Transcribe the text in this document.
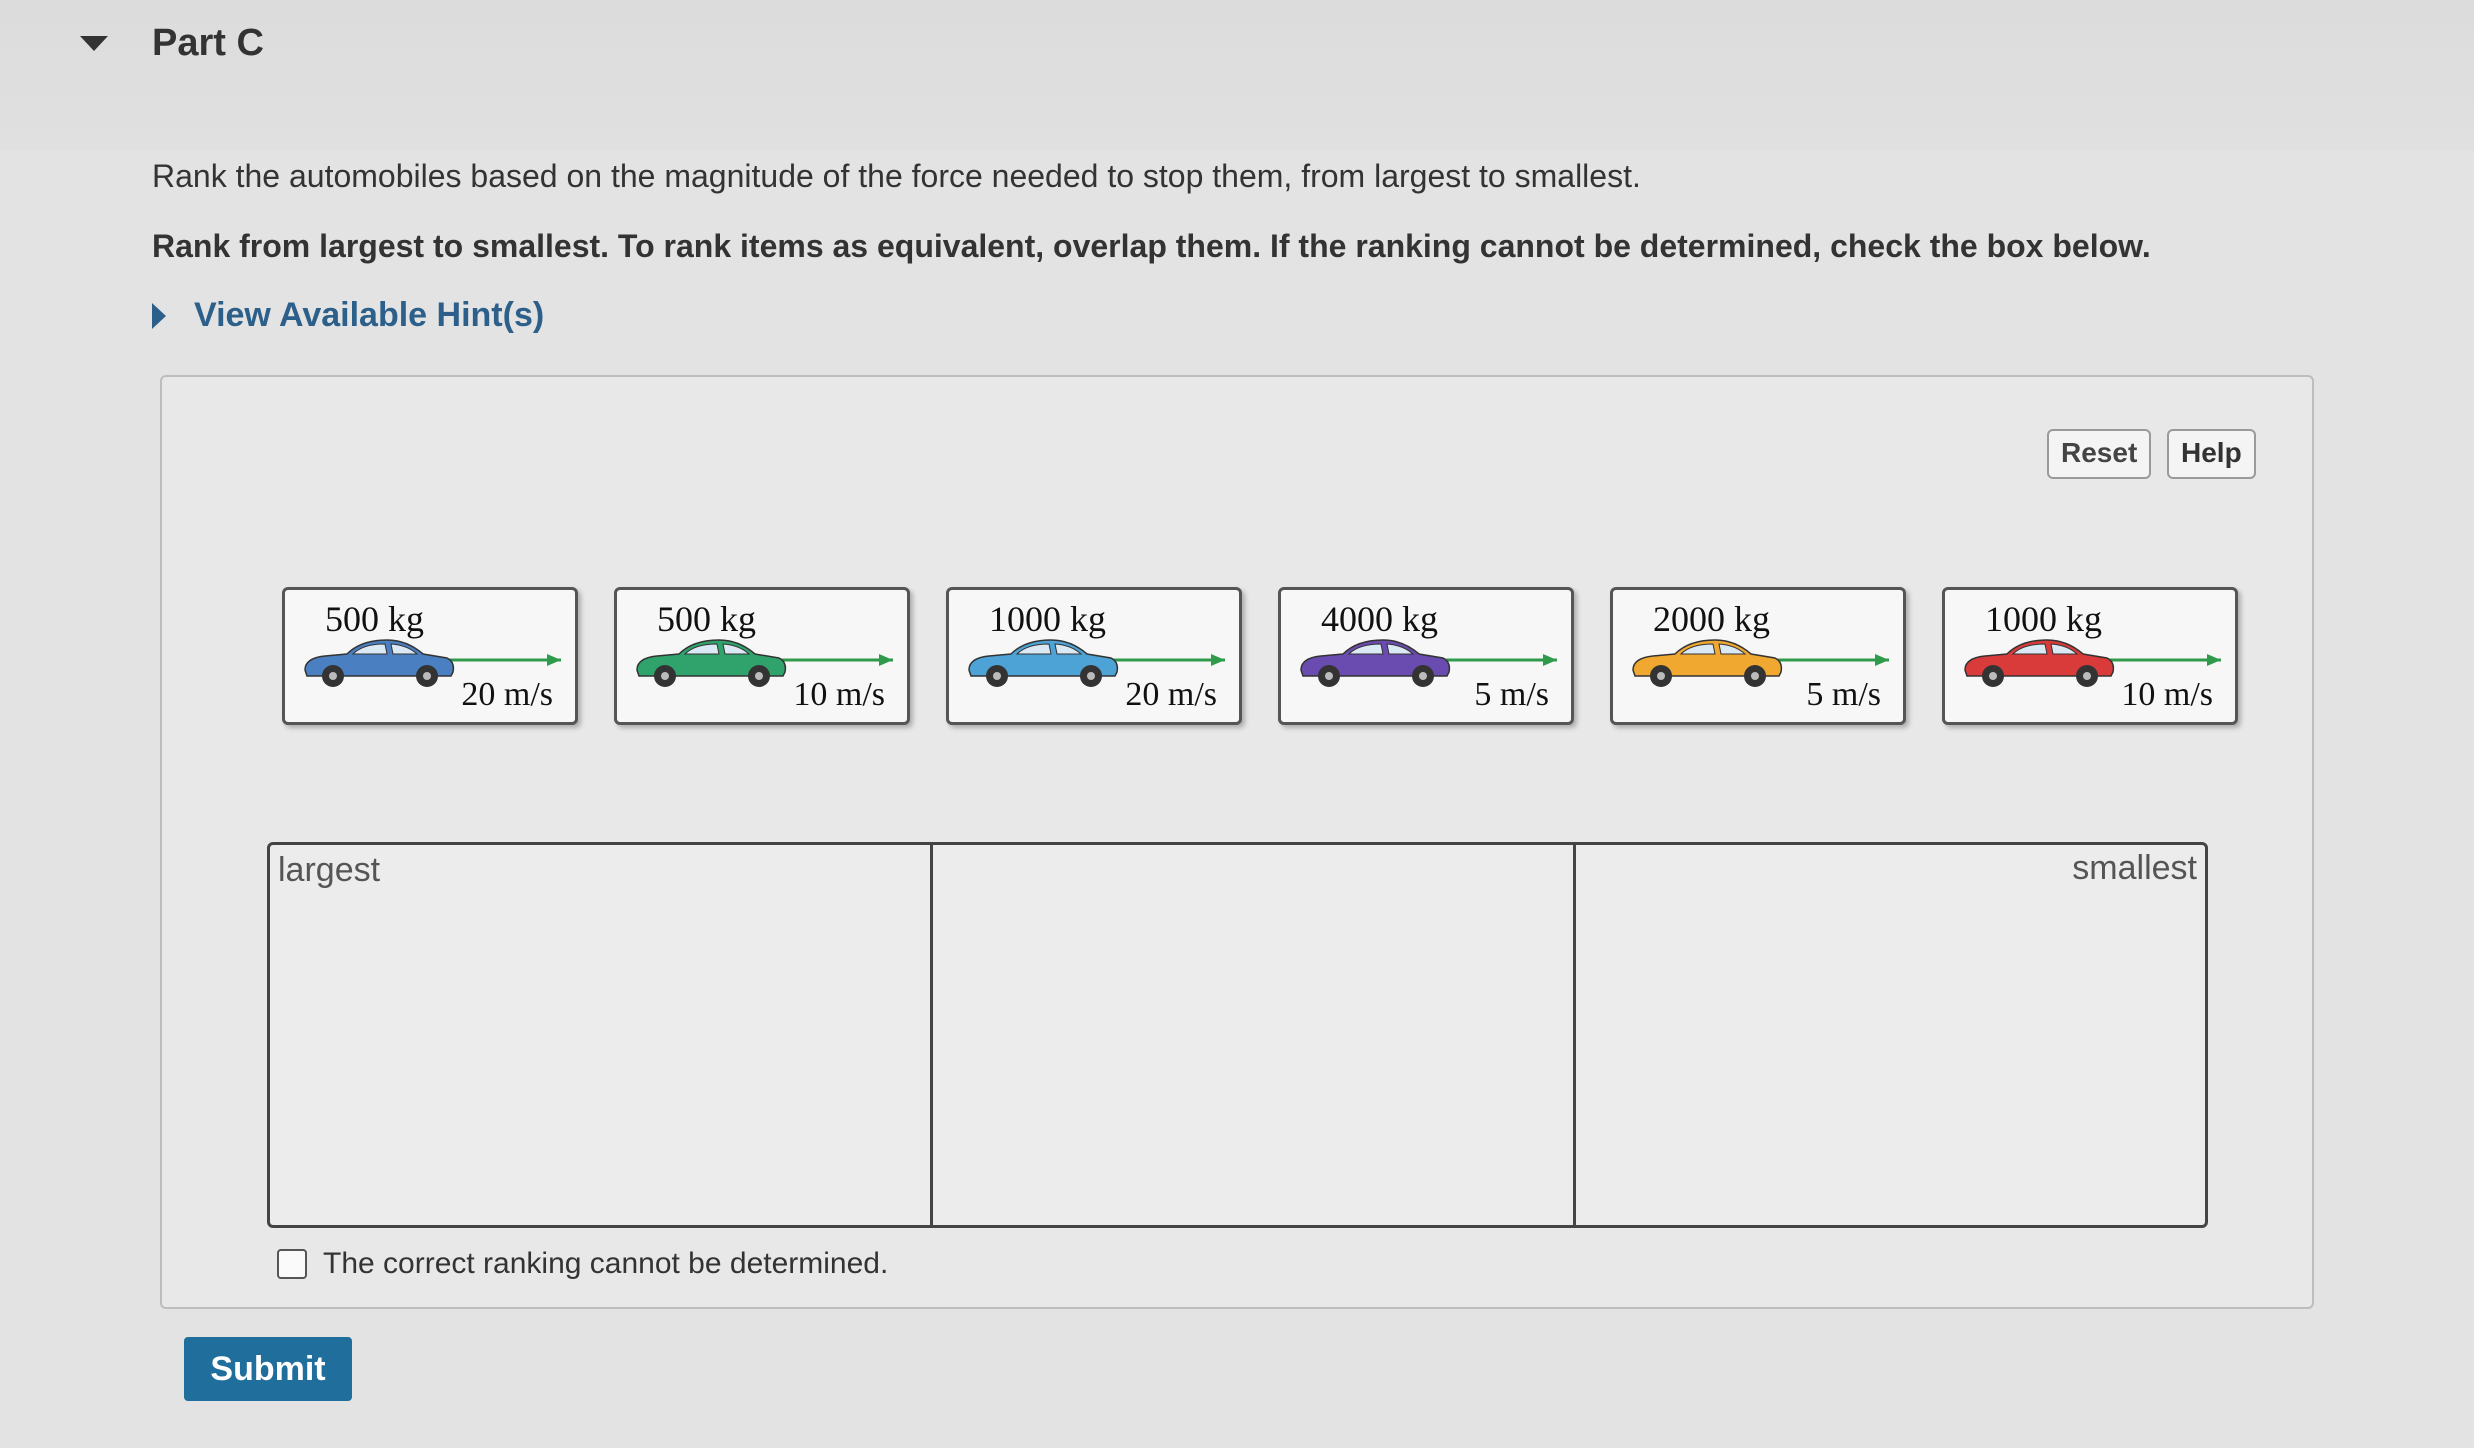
Part C
Rank the automobiles based on the magnitude of the force needed to stop them, from largest to smallest.
Rank from largest to smallest. To rank items as equivalent, overlap them. If the ranking cannot be determined, check the box below.
View Available Hint(s)
Reset	Help
500 kg
20 m/s
500 kg
10 m/s
1000 kg
20 m/s
4000 kg
5 m/s
2000 kg
5 m/s
1000 kg
10 m/s
largest	smallest
The correct ranking cannot be determined.
Submit
